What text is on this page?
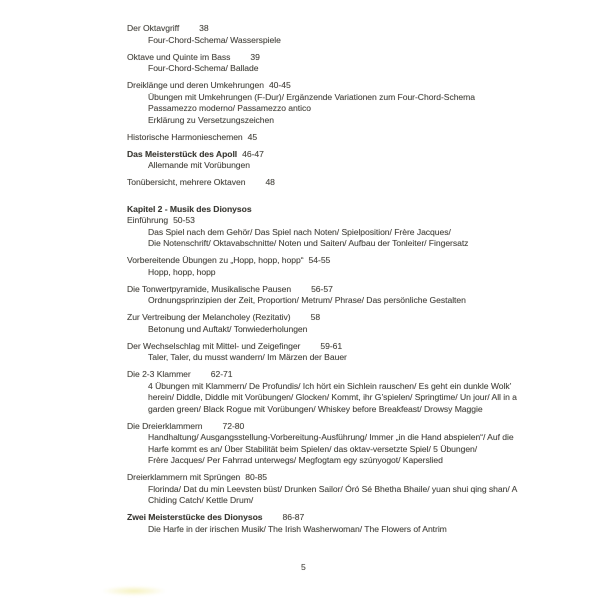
Der Oktavgriff 38
Four-Chord-Schema/ Wasserspiele
Oktave und Quinte im Bass 39
Four-Chord-Schema/ Ballade
Dreiklänge und deren Umkehrungen 40-45
Übungen mit Umkehrungen (F-Dur)/ Ergänzende Variationen zum Four-Chord-Schema
Passamezzo moderno/ Passamezzo antico
Erklärung zu Versetzungszeichen
Historische Harmonieschemen 45
Das Meisterstück des Apoll 46-47
Allemande mit Vorübungen
Tonübersicht, mehrere Oktaven 48
Kapitel 2 - Musik des Dionysos
Einführung 50-53
Das Spiel nach dem Gehör/ Das Spiel nach Noten/ Spielposition/ Frère Jacques/
Die Notenschrift/ Oktavabschnitte/ Noten und Saiten/ Aufbau der Tonleiter/ Fingersatz
Vorbereitende Übungen zu „Hopp, hopp, hopp“ 54-55
Hopp, hopp, hopp
Die Tonwertpyramide, Musikalische Pausen 56-57
Ordnungsprinzipien der Zeit, Proportion/ Metrum/ Phrase/ Das persönliche Gestalten
Zur Vertreibung der Melancholey (Rezitativ) 58
Betonung und Auftakt/ Tonwiederholungen
Der Wechselschlag mit Mittel- und Zeigefinger 59-61
Taler, Taler, du musst wandern/ Im Märzen der Bauer
Die 2-3 Klammer 62-71
4 Übungen mit Klammern/ De Profundis/ Ich hört ein Sichlein rauschen/ Es geht ein dunkle Wolk’
herein/ Diddle, Diddle mit Vorübungen/ Glocken/ Kommt, ihr G’spielen/ Springtime/ Un jour/ All in a
garden green/ Black Rogue mit Vorübungen/ Whiskey before Breakfeast/ Drowsy Maggie
Die Dreierklammern 72-80
Handhaltung/ Ausgangsstellung-Vorbereitung-Ausführung/ Immer „in die Hand abspielen“/ Auf die
Harfe kommt es an/ Über Stabilität beim Spielen/ das oktav-versetzte Spiel/ 5 Übungen/
Frère Jacques/ Per Fahrrad unterwegs/ Megfogtam egy szúnyogot/ Kaperslied
Dreierklammern mit Sprüngen 80-85
Florinda/ Dat du min Leevsten büst/ Drunken Sailor/ Óró Sé Bhetha Bhaile/ yuan shui qing shan/ A
Chiding Catch/ Kettle Drum/
Zwei Meisterstücke des Dionysos 86-87
Die Harfe in der irischen Musik/ The Irish Washerwoman/ The Flowers of Antrim
5
